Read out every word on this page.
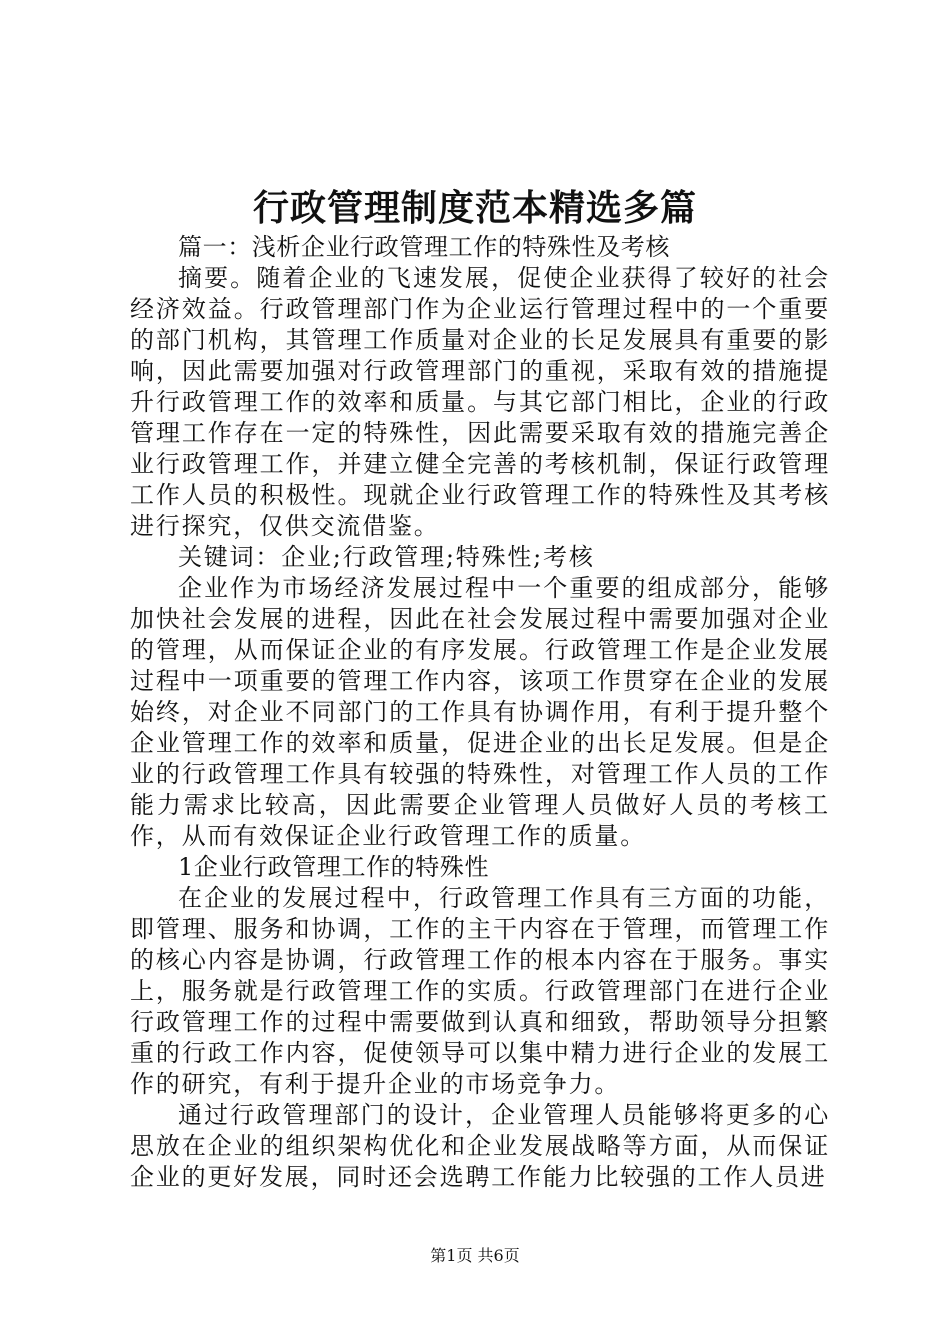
行政管理制度范本精选多篇

篇一：浅析企业行政管理工作的特殊性及考核

摘要。随着企业的飞速发展，促使企业获得了较好的社会经济效益。行政管理部门作为企业运行管理过程中的一个重要的部门机构，其管理工作质量对企业的长足发展具有重要的影响，因此需要加强对行政管理部门的重视，采取有效的措施提升行政管理工作的效率和质量。与其它部门相比，企业的行政管理工作存在一定的特殊性，因此需要采取有效的措施完善企业行政管理工作，并建立健全完善的考核机制，保证行政管理工作人员的积极性。现就企业行政管理工作的特殊性及其考核进行探究，仅供交流借鉴。

关键词：企业;行政管理;特殊性;考核

企业作为市场经济发展过程中一个重要的组成部分，能够加快社会发展的进程，因此在社会发展过程中需要加强对企业的管理，从而保证企业的有序发展。行政管理工作是企业发展过程中一项重要的管理工作内容，该项工作贯穿在企业的发展始终，对企业不同部门的工作具有协调作用，有利于提升整个企业管理工作的效率和质量，促进企业的出长足发展。但是企业的行政管理工作具有较强的特殊性，对管理工作人员的工作能力需求比较高，因此需要企业管理人员做好人员的考核工作，从而有效保证企业行政管理工作的质量。

1企业行政管理工作的特殊性

在企业的发展过程中，行政管理工作具有三方面的功能，即管理、服务和协调，工作的主干内容在于管理，而管理工作的核心内容是协调，行政管理工作的根本内容在于服务。事实上，服务就是行政管理工作的实质。行政管理部门在进行企业行政管理工作的过程中需要做到认真和细致，帮助领导分担繁重的行政工作内容，促使领导可以集中精力进行企业的发展工作的研究，有利于提升企业的市场竞争力。

通过行政管理部门的设计，企业管理人员能够将更多的心思放在企业的组织架构优化和企业发展战略等方面，从而保证企业的更好发展，同时还会选聘工作能力比较强的工作人员进

第1页 共6页
